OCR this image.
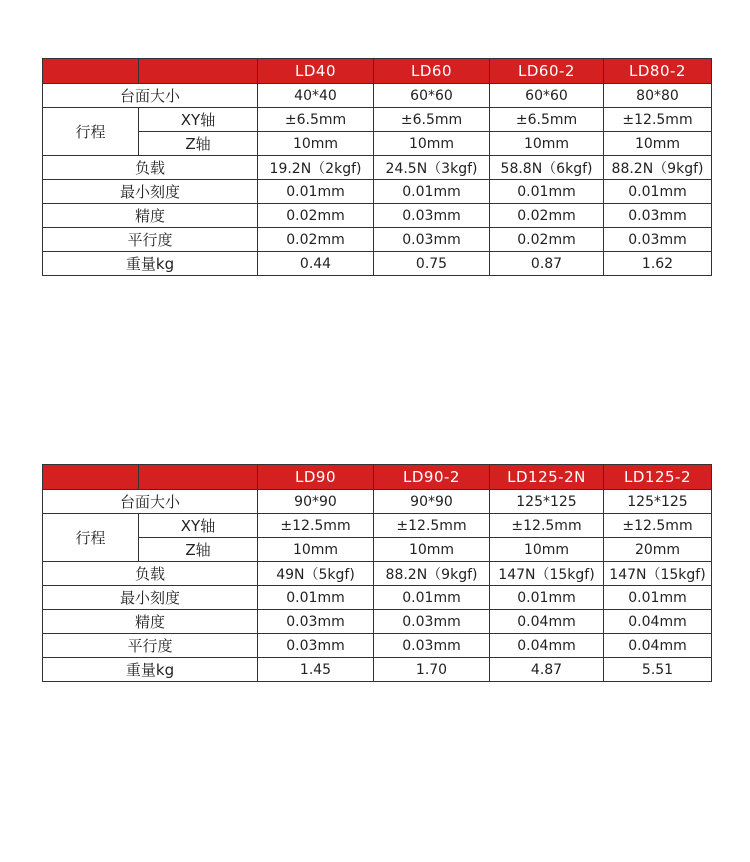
		LD40	LD60	LD60-2	LD80-2
台面大小		40*40	60*60	60*60	80*80
行程	XY轴	±6.5mm	±6.5mm	±6.5mm	±12.5mm
	Z轴	10mm	10mm	10mm	10mm
负载		19.2N（2kgf)	24.5N（3kgf)	58.8N（6kgf)	88.2N（9kgf)
最小刻度		0.01mm	0.01mm	0.01mm	0.01mm
精度		0.02mm	0.03mm	0.02mm	0.03mm
平行度		0.02mm	0.03mm	0.02mm	0.03mm
重量kg		0.44	0.75	0.87	1.62
		LD90	LD90-2	LD125-2N	LD125-2
台面大小		90*90	90*90	125*125	125*125
行程	XY轴	±12.5mm	±12.5mm	±12.5mm	±12.5mm
	Z轴	10mm	10mm	10mm	20mm
负载		49N（5kgf)	88.2N（9kgf)	147N（15kgf)	147N（15kgf)
最小刻度		0.01mm	0.01mm	0.01mm	0.01mm
精度		0.03mm	0.03mm	0.04mm	0.04mm
平行度		0.03mm	0.03mm	0.04mm	0.04mm
重量kg		1.45	1.70	4.87	5.51
